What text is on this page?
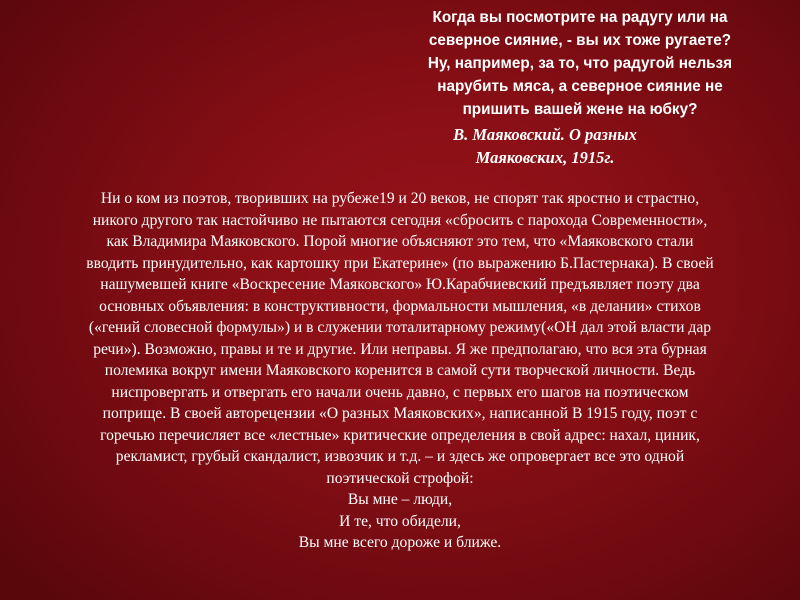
Когда вы посмотрите на радугу или на
северное сияние, - вы их тоже ругаете?
Ну, например, за то, что радугой нельзя
нарубить мяса, а северное сияние не
пришить вашей жене на юбку?
В. Маяковский. О разных
Маяковских, 1915г.
Ни о ком из поэтов, творивших на рубеже19 и 20 веков, не спорят так яростно и страстно,
никого другого так настойчиво не пытаются сегодня «сбросить с парохода Современности»,
как Владимира Маяковского. Порой многие объясняют это тем, что «Маяковского стали
вводить принудительно, как картошку при Екатерине» (по выражению Б.Пастернака). В своей
нашумевшей книге «Воскресение Маяковского» Ю.Карабчиевский предъявляет поэту два
основных объявления: в конструктивности, формальности мышления, «в делании» стихов
(«гений словесной формулы») и в служении тоталитарному режиму(«ОН дал этой власти дар
речи»). Возможно, правы и те и другие. Или неправы. Я же предполагаю, что вся эта бурная
полемика вокруг имени Маяковского коренится в самой сути творческой личности. Ведь
ниспровергать и отвергать его начали очень давно, с первых его шагов на поэтическом
поприще. В своей авторецензии «О разных Маяковских», написанной В 1915 году, поэт с
горечью перечисляет все «лестные» критические определения в свой адрес: нахал, циник,
рекламист, грубый скандалист, извозчик и т.д. – и здесь же опровергает все это одной
поэтической строфой:
Вы мне – люди,
И те, что обидели,
Вы мне всего дороже и ближе.
